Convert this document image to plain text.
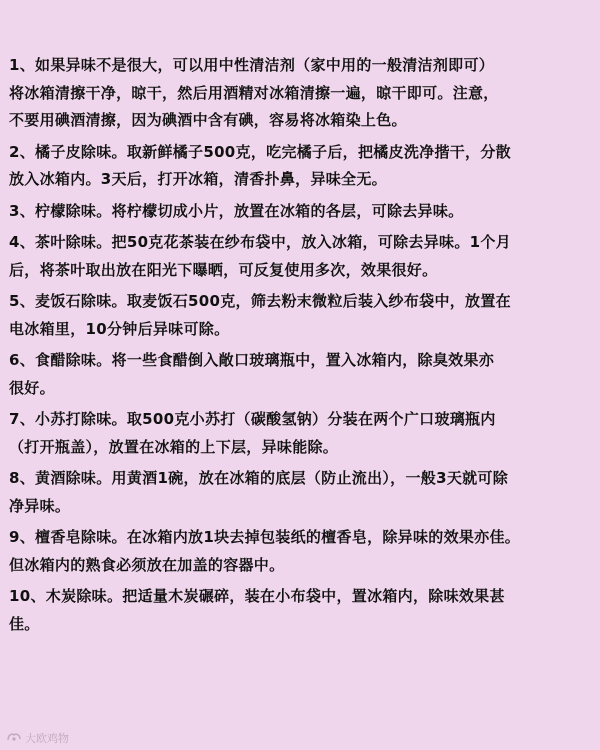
1、如果异味不是很大，可以用中性清洁剂（家中用的一般清洁剂即可）
将冰箱清擦干净，晾干，然后用酒精对冰箱清擦一遍，晾干即可。注意，
不要用碘酒清擦，因为碘酒中含有碘，容易将冰箱染上色。

2、橘子皮除味。取新鲜橘子500克，吃完橘子后，把橘皮洗净揩干，分散
放入冰箱内。3天后，打开冰箱，清香扑鼻，异味全无。

3、柠檬除味。将柠檬切成小片，放置在冰箱的各层，可除去异味。

4、茶叶除味。把50克花茶装在纱布袋中，放入冰箱，可除去异味。1个月
后，将茶叶取出放在阳光下曝晒，可反复使用多次，效果很好。

5、麦饭石除味。取麦饭石500克，筛去粉末微粒后装入纱布袋中，放置在
电冰箱里，10分钟后异味可除。

6、食醋除味。将一些食醋倒入敞口玻璃瓶中，置入冰箱内，除臭效果亦
很好。

7、小苏打除味。取500克小苏打（碳酸氢钠）分装在两个广口玻璃瓶内
（打开瓶盖），放置在冰箱的上下层，异味能除。

8、黄酒除味。用黄酒1碗，放在冰箱的底层（防止流出），一般3天就可除
净异味。

9、檀香皂除味。在冰箱内放1块去掉包装纸的檀香皂，除异味的效果亦佳。
但冰箱内的熟食必须放在加盖的容器中。

10、木炭除味。把适量木炭碾碎，装在小布袋中，置冰箱内，除味效果甚
佳。

大欧鸡物
